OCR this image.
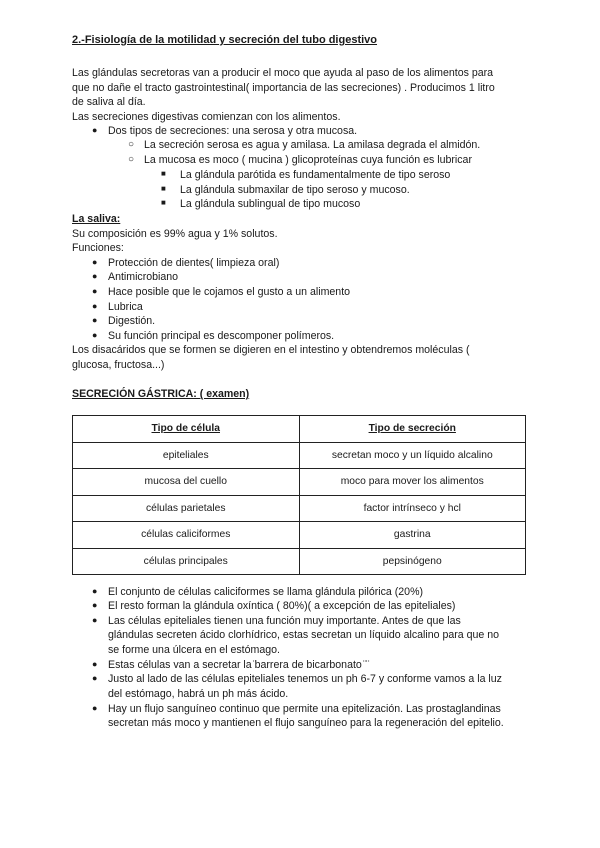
2.-Fisiología de la motilidad y secreción del tubo digestivo
Las glándulas secretoras van a producir el moco que ayuda al paso de los alimentos para
que no dañe el tracto gastrointestinal( importancia de las secreciones) . Producimos 1 litro
de saliva al día.
Las secreciones digestivas comienzan con los alimentos.
● Dos tipos de secreciones: una serosa y otra mucosa.
○ La secreción serosa es agua y amilasa. La amilasa degrada el almidón.
○ La mucosa es moco ( mucina ) glicoproteínas cuya función es lubricar
■ La glándula parótida es fundamentalmente de tipo seroso
■ La glándula submaxilar de tipo seroso y mucoso.
■ La glándula sublingual de tipo mucoso
La saliva:
Su composición es 99% agua y 1% solutos.
Funciones:
● Protección de dientes( limpieza oral)
● Antimicrobiano
● Hace posible que le cojamos el gusto a un alimento
● Lubrica
● Digestión.
● Su función principal es descomponer polímeros.
Los disacáridos que se formen se digieren en el intestino y obtendremos moléculas (
glucosa, fructosa...)
SECRECIÓN GÁSTRICA: ( examen)
Tipo de célula	Tipo de secreción
epiteliales	secretan moco y un líquido alcalino
mucosa del cuello	moco para mover los alimentos
células parietales	factor intrínseco y hcl
células caliciformes	gastrina
células principales	pepsinógeno
● El conjunto de células caliciformes se llama glándula pilórica (20%)
● El resto forman la glándula oxíntica ( 80%)( a excepción de las epiteliales)
● Las células epiteliales tienen una función muy importante. Antes de que las
glándulas secreten ácido clorhídrico, estas secretan un líquido alcalino para que no
se forme una úlcera en el estómago.
● Estas células van a secretar la ̈barrera de bicarbonato ̈ ̈
● Justo al lado de las células epiteliales tenemos un ph 6-7 y conforme vamos a la luz
del estómago, habrá un ph más ácido.
● Hay un flujo sanguíneo continuo que permite una epitelización. Las prostaglandinas
secretan más moco y mantienen el flujo sanguíneo para la regeneración del epitelio.
